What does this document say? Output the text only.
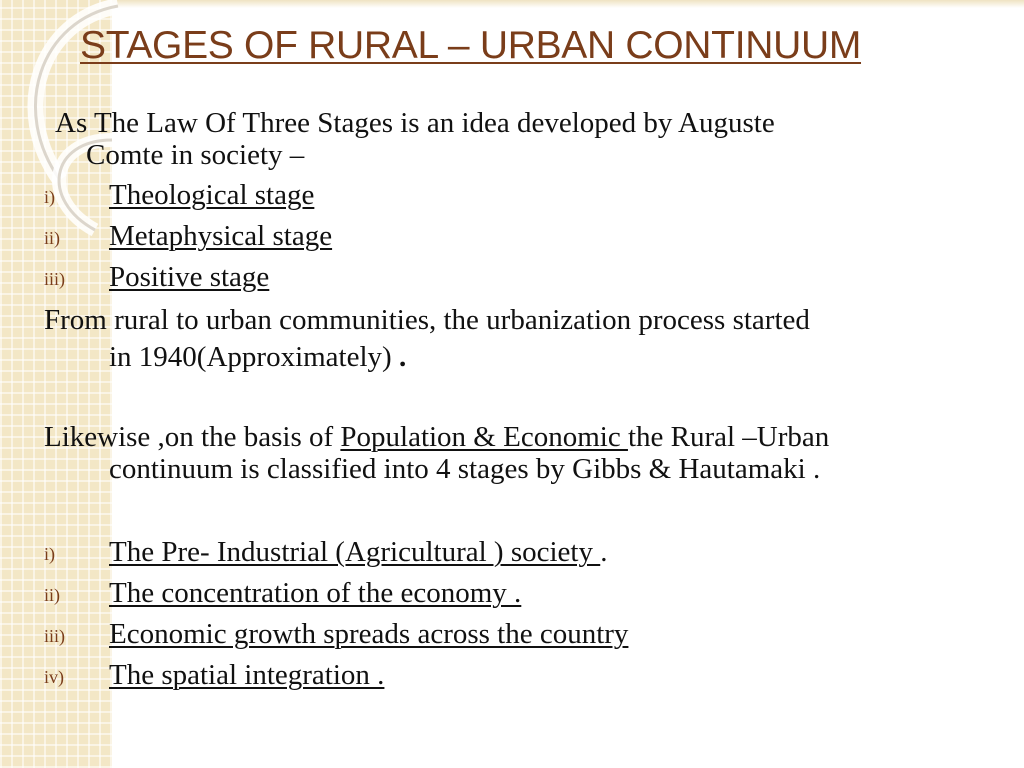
STAGES OF RURAL – URBAN CONTINUUM
As The Law Of Three Stages is an idea developed by Auguste
Comte in society –
i) Theological stage
ii) Metaphysical stage
iii) Positive stage
From rural to urban communities, the urbanization process started
in 1940(Approximately) .
Likewise ,on the basis of Population & Economic the Rural –Urban
continuum is classified into 4 stages by Gibbs & Hautamaki .
i) The Pre- Industrial (Agricultural ) society .
ii) The concentration of the economy .
iii) Economic growth spreads across the country
iv) The spatial integration .
